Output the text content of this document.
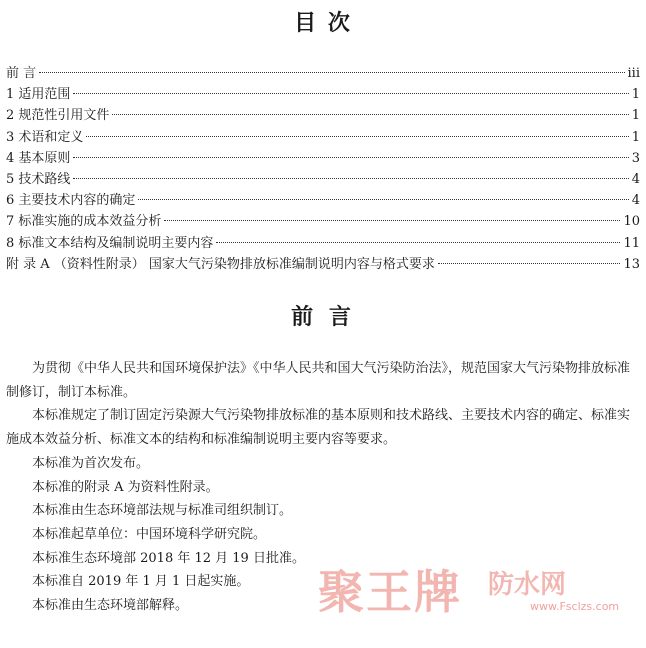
目 次
前 言	iii
1 适用范围	1
2 规范性引用文件	1
3 术语和定义	1
4 基本原则	3
5 技术路线	4
6 主要技术内容的确定	4
7 标准实施的成本效益分析	10
8 标准文本结构及编制说明主要内容	11
附 录 A （资料性附录） 国家大气污染物排放标准编制说明内容与格式要求	13
前 言

为贯彻《中华人民共和国环境保护法》《中华人民共和国大气污染防治法》，规范国家大气污染物排放标准制修订，制订本标准。

本标准规定了制订固定污染源大气污染物排放标准的基本原则和技术路线、主要技术内容的确定、标准实施成本效益分析、标准文本的结构和标准编制说明主要内容等要求。

本标准为首次发布。

本标准的附录 A 为资料性附录。

本标准由生态环境部法规与标准司组织制订。

本标准起草单位：中国环境科学研究院。

本标准生态环境部 2018 年 12 月 19 日批准。

本标准自 2019 年 1 月 1 日起实施。

本标准由生态环境部解释。	聚王牌 防水网
www.Fsclzs.com
